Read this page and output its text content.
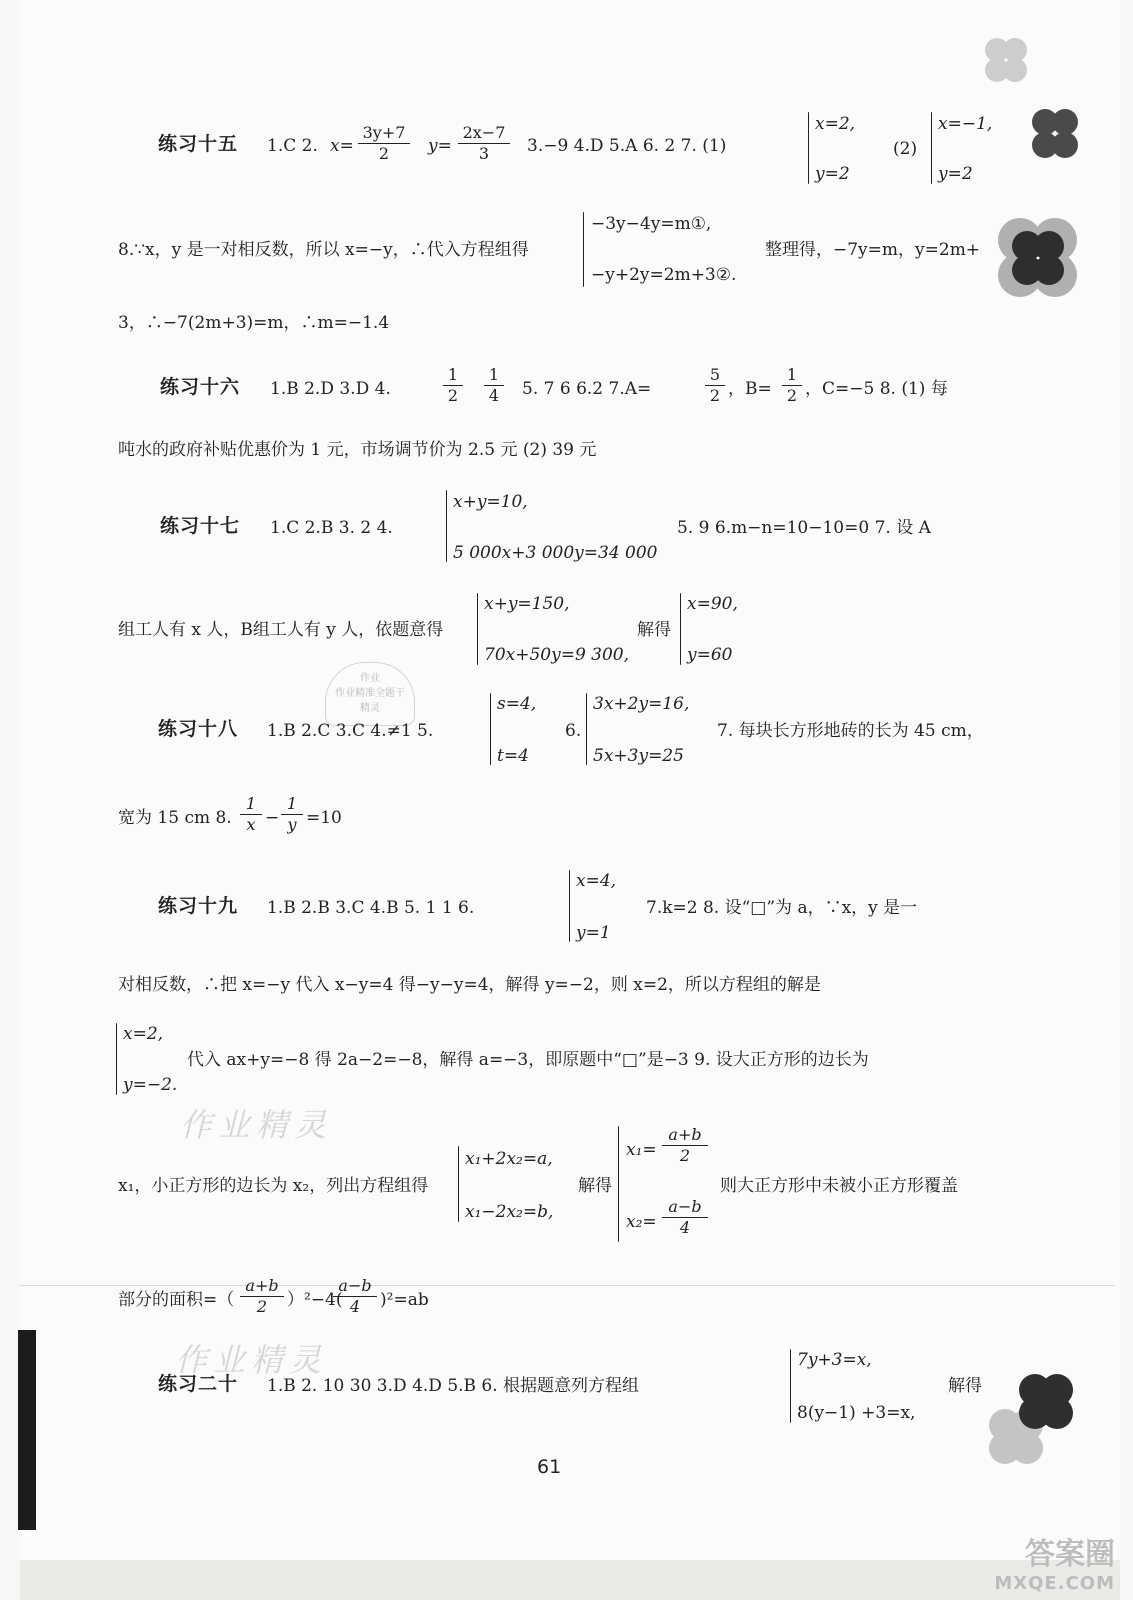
练习十五 1.C 2. x=
3y+7
2	y=
2x−7
3	3.−9 4.D 5.A 6. 2 7. (1)
x=2,
y=2
(2)
x=−1,
y=2
8.∵x，y 是一对相反数，所以 x=−y，∴代入方程组得
−3y−4y=m①,
−y+2y=2m+3②.
整理得，−7y=m，y=2m+
3，∴−7(2m+3)=m，∴m=−1.4
练习十六 1.B 2.D 3.D 4.
1
2
1
4 5. 7 6 6.2 7.A=
5
2 ，B=
1
2 ，C=−5 8. (1) 每
吨水的政府补贴优惠价为 1 元，市场调节价为 2.5 元 (2) 39 元
练习十七 1.C 2.B 3. 2 4.
x+y=10,
5 000x+3 000y=34 000
5. 9 6.m−n=10−10=0 7. 设 A
组工人有 x 人，B组工人有 y 人，依题意得
x+y=150,
70x+50y=9 300,
解得
x=90,
y=60
作业
作业精准全题干
精灵
练习十八 1.B 2.C 3.C 4.≠1 5.
s=4,
t=4
6.
3x+2y=16,
5x+3y=25
7. 每块长方形地砖的长为 45 cm，
宽为 15 cm 8.
1
x −
1
y =10
练习十九 1.B 2.B 3.C 4.B 5. 1 1 6.
x=4,
y=1
7.k=2 8. 设“□”为 a，∵x，y 是一
对相反数，∴把 x=−y 代入 x−y=4 得−y−y=4，解得 y=−2，则 x=2，所以方程组的解是
x=2,
y=−2.
代入 ax+y=−8 得 2a−2=−8，解得 a=−3，即原题中“□”是−3 9. 设大正方形的边长为
作业精灵
x₁，小正方形的边长为 x₂，列出方程组得
x₁+2x₂=a,
x₁−2x₂=b,
解得
x₁=
a+b
2
x₂=
a−b
4
则大正方形中未被小正方形覆盖
部分的面积=（
a+b
2	）²−4(
a−b
4	)²=ab
作业精灵
练习二十 1.B 2. 10 30 3.D 4.D 5.B 6. 根据题意列方程组
7y+3=x,
8(y−1) +3=x,
解得
61
答案圈
MXQE.COM
